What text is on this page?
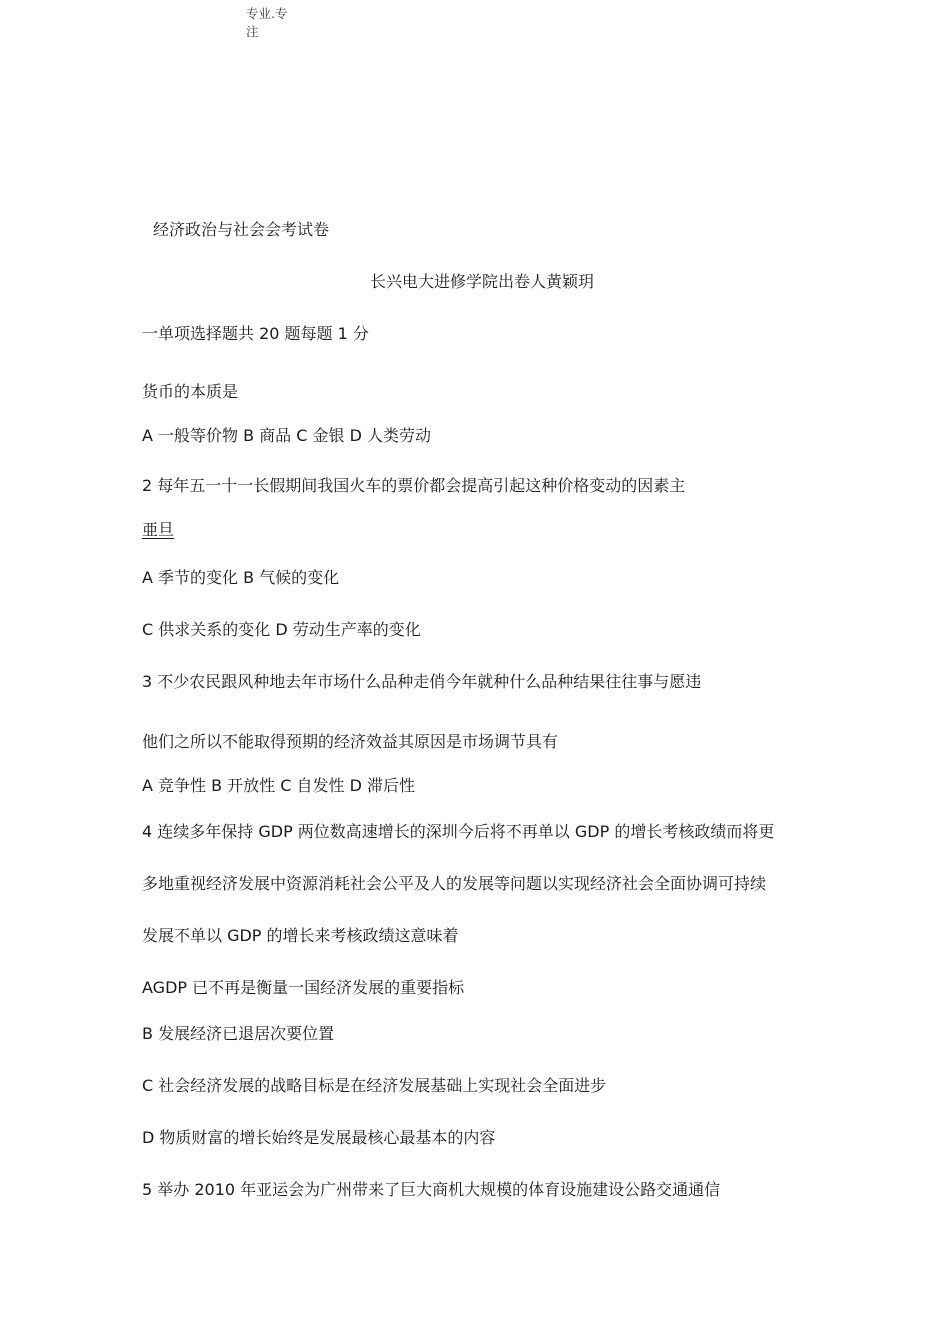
专业.专
注
经济政治与社会会考试卷
长兴电大进修学院出卷人黄颖玥
一单项选择题共 20 题每题 1 分
货币的本质是
A 一般等价物 B 商品 C 金银 D 人类劳动
2 每年五一十一长假期间我国火车的票价都会提高引起这种价格变动的因素主
亜旦
A 季节的变化 B 气候的变化
C 供求关系的变化 D 劳动生产率的变化
3 不少农民跟风种地去年市场什么品种走俏今年就种什么品种结果往往事与愿违
他们之所以不能取得预期的经济效益其原因是市场调节具有
A 竞争性 B 开放性 C 自发性 D 滞后性
4 连续多年保持 GDP 两位数高速增长的深圳今后将不再单以 GDP 的增长考核政绩而将更
多地重视经济发展中资源消耗社会公平及人的发展等问题以实现经济社会全面协调可持续
发展不单以 GDP 的增长来考核政绩这意味着
AGDP 已不再是衡量一国经济发展的重要指标
B 发展经济已退居次要位置
C 社会经济发展的战略目标是在经济发展基础上实现社会全面进步
D 物质财富的增长始终是发展最核心最基本的内容
5 举办 2010 年亚运会为广州带来了巨大商机大规模的体育设施建设公路交通通信
